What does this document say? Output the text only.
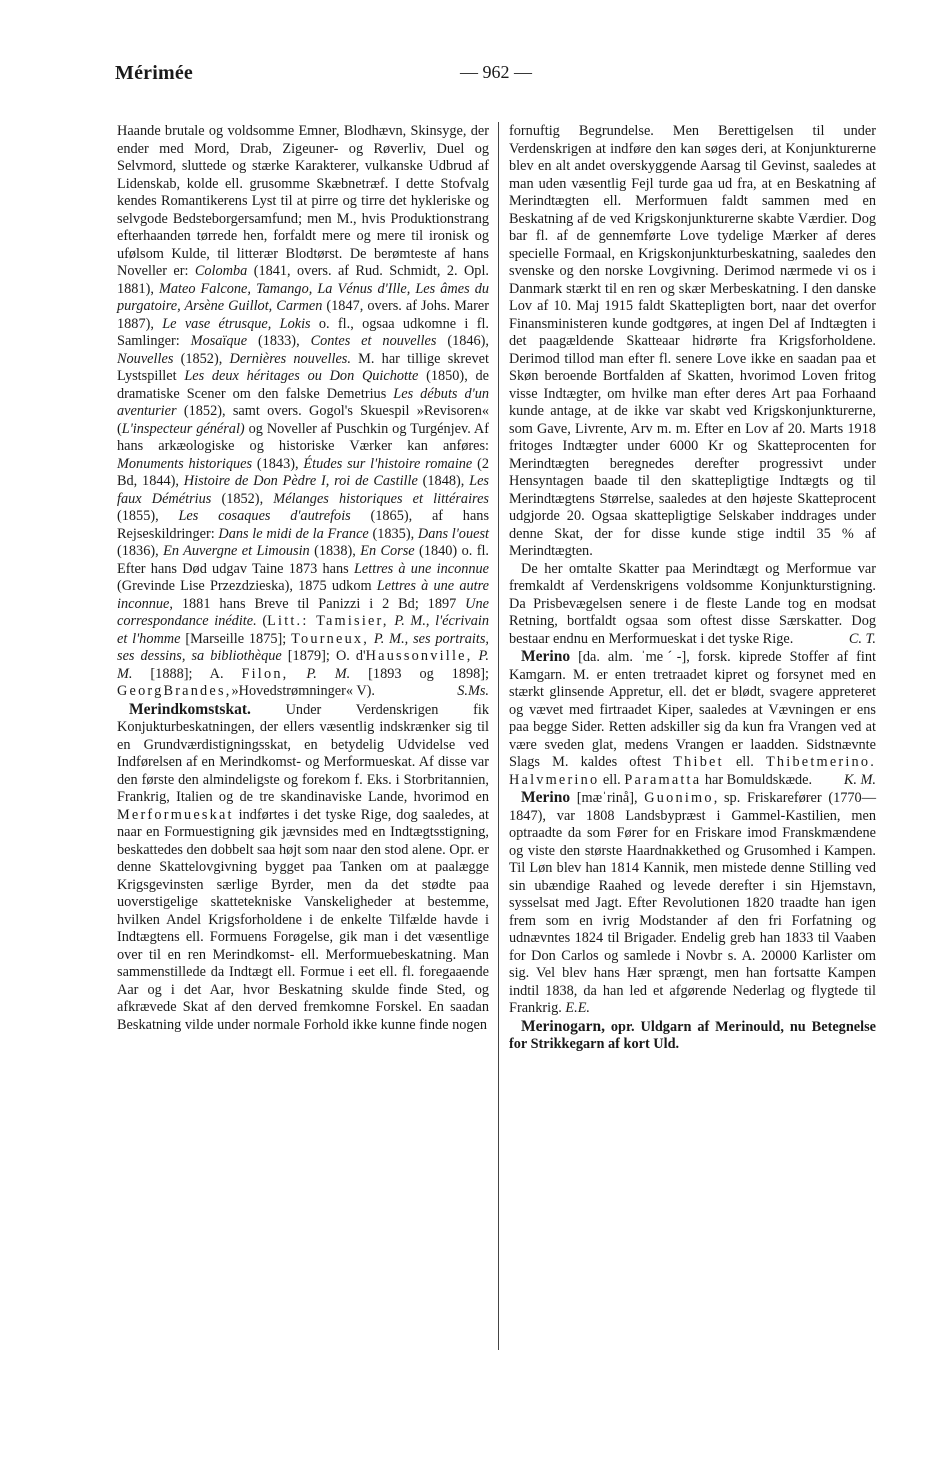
Mérimée	— 962 —

Haande brutale og voldsomme Emner, Blodhævn, Skinsyge, der ender med Mord, Drab, Zigeuner- og Røverliv, Duel og Selvmord, sluttede og stærke Karakterer, vulkanske Udbrud af Lidenskab, kolde ell. grusomme Skæbnetræf. I dette Stofvalg kendes Romantikerens Lyst til at pirre og tirre det hykleriske og selvgode Bedsteborgersamfund; men M., hvis Produktionstrang efterhaanden tørrede hen, forfaldt mere og mere til ironisk og ufølsom Kulde, til litterær Blodtørst. De berømteste af hans Noveller er: Colomba (1841, overs. af Rud. Schmidt, 2. Opl. 1881), Mateo Falcone, Tamango, La Vénus d'Ille, Les âmes du purgatoire, Arsène Guillot, Carmen (1847, overs. af Johs. Marer 1887), Le vase étrusque, Lokis o. fl., ogsaa udkomne i fl. Samlinger: Mosaïque (1833), Contes et nouvelles (1846), Nouvelles (1852), Dernières nouvelles. M. har tillige skrevet Lystspillet Les deux héritages ou Don Quichotte (1850), de dramatiske Scener om den falske Demetrius Les débuts d'un aventurier (1852), samt overs. Gogol's Skuespil »Revisoren« (L'inspecteur général) og Noveller af Puschkin og Turgénjev. Af hans arkæologiske og historiske Værker kan anføres: Monuments historiques (1843), Études sur l'histoire romaine (2 Bd, 1844), Histoire de Don Pèdre I, roi de Castille (1848), Les faux Démétrius (1852), Mélanges historiques et littéraires (1855), Les cosaques d'autrefois (1865), af hans Rejseskildringer: Dans le midi de la France (1835), Dans l'ouest (1836), En Auvergne et Limousin (1838), En Corse (1840) o. fl. Efter hans Død udgav Taine 1873 hans Lettres à une inconnue (Grevinde Lise Przezdzieska), 1875 udkom Lettres à une autre inconnue, 1881 hans Breve til Panizzi i 2 Bd; 1897 Une correspondance inédite. (Litt.: Tamisier, P. M., l'écrivain et l'homme [Marseille 1875]; Tourneux, P. M., ses portraits, ses dessins, sa bibliothèque [1879]; O. d'Haussonville, P. M. [1888]; A. Filon, P. M. [1893 og 1898]; GeorgBrandes,»Hovedstrømninger« V).	S.Ms.

Merindkomstskat. Under Verdenskrigen fik Konjukturbeskatningen, der ellers væsentlig indskrænker sig til en Grundværdistigningsskat, en betydelig Udvidelse ved Indførelsen af en Merindkomst- og Merformueskat. Af disse var den første den almindeligste og forekom f. Eks. i Storbritannien, Frankrig, Italien og de tre skandinaviske Lande, hvorimod en Merformueskat indførtes i det tyske Rige, dog saaledes, at naar en Formuestigning gik jævnsides med en Indtægtsstigning, beskattedes den dobbelt saa højt som naar den stod alene. Opr. er denne Skattelovgivning bygget paa Tanken om at paalægge Krigsgevinsten særlige Byrder, men da det stødte paa uoverstigelige skattetekniske Vanskeligheder at bestemme, hvilken Andel Krigsforholdene i de enkelte Tilfælde havde i Indtægtens ell. Formuens Forøgelse, gik man i det væsentlige over til en ren Merindkomst- ell. Merformuebeskatning. Man sammenstillede da Indtægt ell. Formue i eet ell. fl. foregaaende Aar og i det Aar, hvor Beskatning skulde finde Sted, og afkrævede Skat af den derved fremkomne Forskel. En saadan Beskatning vilde under normale Forhold ikke kunne finde nogen

fornuftig Begrundelse. Men Berettigelsen til under Verdenskrigen at indføre den kan søges deri, at Konjunkturerne blev en alt andet overskyggende Aarsag til Gevinst, saaledes at man uden væsentlig Fejl turde gaa ud fra, at en Beskatning af Merindtægten ell. Merformuen faldt sammen med en Beskatning af de ved Krigskonjunkturerne skabte Værdier. Dog bar fl. af de gennemførte Love tydelige Mærker af deres specielle Formaal, en Krigskonjunkturbeskatning, saaledes den svenske og den norske Lovgivning. Derimod nærmede vi os i Danmark stærkt til en ren og skær Merbeskatning. I den danske Lov af 10. Maj 1915 faldt Skattepligten bort, naar det overfor Finansministeren kunde godtgøres, at ingen Del af Indtægten i det paagældende Skatteaar hidrørte fra Krigsforholdene. Derimod tillod man efter fl. senere Love ikke en saadan paa et Skøn beroende Bortfalden af Skatten, hvorimod Loven fritog visse Indtægter, om hvilke man efter deres Art paa Forhaand kunde antage, at de ikke var skabt ved Krigskonjunkturerne, som Gave, Livrente, Arv m. m. Efter en Lov af 20. Marts 1918 fritoges Indtægter under 6000 Kr og Skatteprocenten for Merindtægten beregnedes derefter progressivt under Hensyntagen baade til den skattepligtige Indtægts og til Merindtægtens Størrelse, saaledes at den højeste Skatteprocent udgjorde 20. Ogsaa skattepligtige Selskaber inddrages under denne Skat, der for disse kunde stige indtil 35 % af Merindtægten.

De her omtalte Skatter paa Merindtægt og Merformue var fremkaldt af Verdenskrigens voldsomme Konjunkturstigning. Da Prisbevægelsen senere i de fleste Lande tog en modsat Retning, bortfaldt ogsaa som oftest disse Særskatter. Dog bestaar endnu en Merformueskat i det tyske Rige.	C. T.

Merino [da. alm. ˈmeˊ-], forsk. kiprede Stoffer af fint Kamgarn. M. er enten tretraadet kipret og forsynet med en stærkt glinsende Appretur, ell. det er blødt, svagere appreteret og vævet med firtraadet Kiper, saaledes at Vævningen er ens paa begge Sider. Retten adskiller sig da kun fra Vrangen ved at være sveden glat, medens Vrangen er laadden. Sidstnævnte Slags M. kaldes oftest Thibet ell. Thibetmerino. Halvmerino ell. Paramatta har Bomuldskæde.	K. M.

Merino [mæˈrinå], Guonimo, sp. Friskarefører (1770—1847), var 1808 Landsbypræst i Gammel-Kastilien, men optraadte da som Fører for en Friskare imod Franskmændene og viste den største Haardnakkethed og Grusomhed i Kampen. Til Løn blev han 1814 Kannik, men mistede denne Stilling ved sin ubændige Raahed og levede derefter i sin Hjemstavn, sysselsat med Jagt. Efter Revolutionen 1820 traadte han igen frem som en ivrig Modstander af den fri Forfatning og udnævntes 1824 til Brigader. Endelig greb han 1833 til Vaaben for Don Carlos og samlede i Novbr s. A. 20000 Karlister om sig. Vel blev hans Hær sprængt, men han fortsatte Kampen indtil 1838, da han led et afgørende Nederlag og flygtede til Frankrig. E.E.

Merinogarn, opr. Uldgarn af Merinould, nu Betegnelse for Strikkegarn af kort Uld.
